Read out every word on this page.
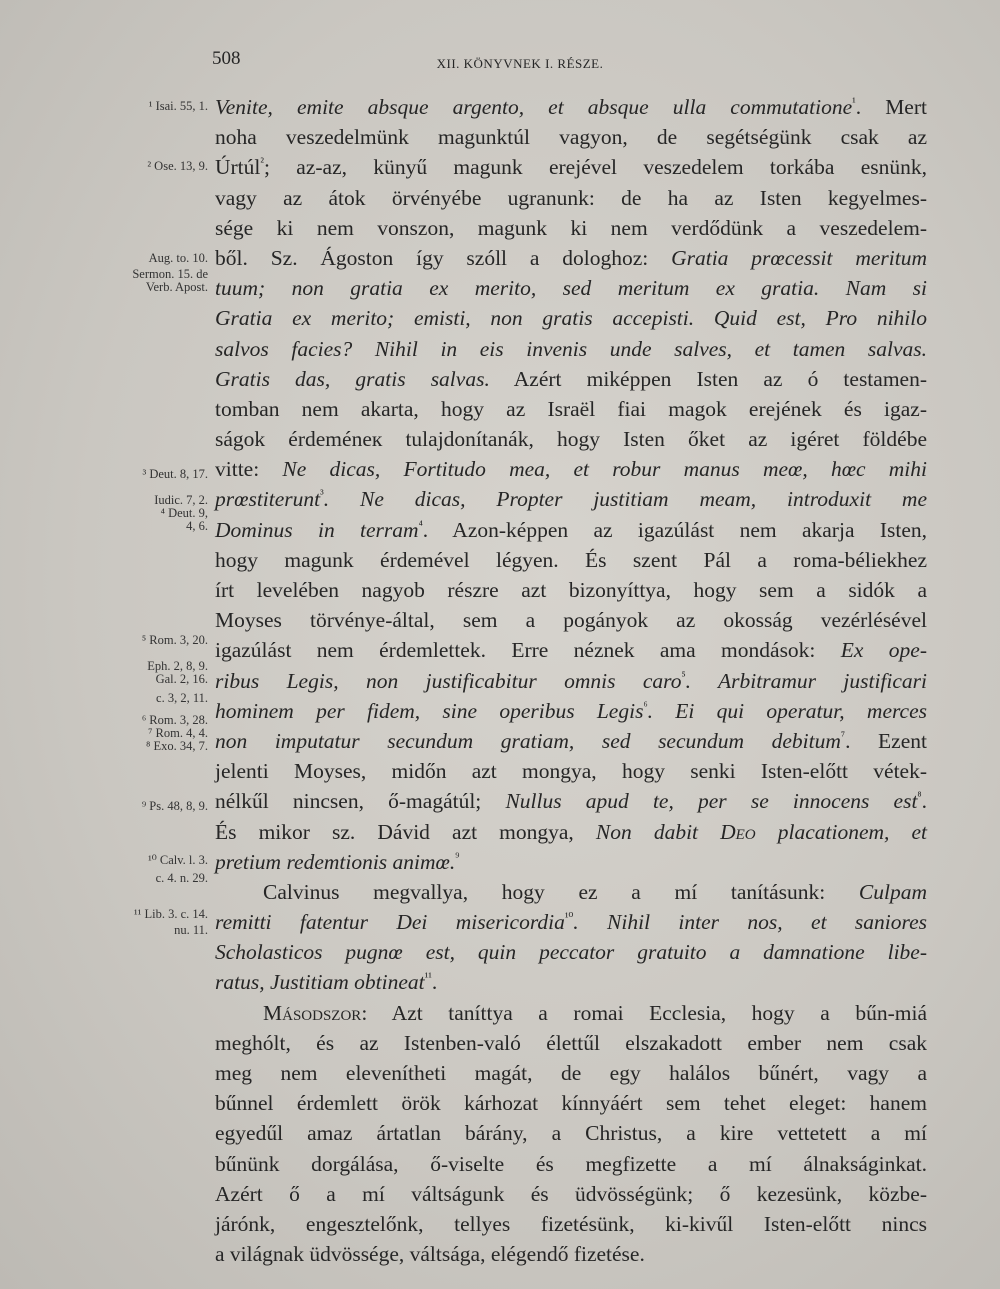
508	XII. KÖNYVNEK I. RÉSZE.
¹ Isai. 55, 1.
² Ose. 13, 9.
Aug. to. 10.
Sermon. 15. de
Verb. Apost.
³ Deut. 8, 17.
Iudic. 7, 2.
⁴ Deut. 9,
4, 6.
⁵ Rom. 3, 20.
Eph. 2, 8, 9.
Gal. 2, 16.
c. 3, 2, 11.
⁶ Rom. 3, 28.
⁷ Rom. 4, 4.
⁸ Exo. 34, 7.
⁹ Ps. 48, 8, 9.
¹⁰ Calv. l. 3.
c. 4. n. 29.
¹¹ Lib. 3. c. 14.
nu. 11.
Venite, emite absque argento, et absque ulla commutatione$^{^1}$. Mert
noha veszedelmünk magunktúl vagyon, de segétségünk csak az
Úrtúl$^{^2}$; az-az, künyű magunk erejével veszedelem torkába esnünk,
vagy az átok örvényébe ugranunk: de ha az Isten kegyelmes-
sége ki nem vonszon, magunk ki nem verdődünk a veszedelem-
ből. Sz. Ágoston így szóll a dologhoz: Gratia prœcessit meritum
tuum; non gratia ex merito, sed meritum ex gratia. Nam si
Gratia ex merito; emisti, non gratis accepisti. Quid est, Pro nihilo
salvos facies? Nihil in eis invenis unde salves, et tamen salvas.
Gratis das, gratis salvas. Azért miképpen Isten az ó testamen-
tomban nem akarta, hogy az Israël fiai magok erejének és igaz-
ságok érdeméneк tulajdonítanák, hogy Isten őket az igéret földébe
vitte: Ne dicas, Fortitudo mea, et robur manus meœ, hœc mihi
prœstiterunt$^{^3}$. Ne dicas, Propter justitiam meam, introduxit me
Dominus in terram$^{^4}$. Azon-képpen az igazúlást nem akarja Isten,
hogy magunk érdemével légyen. És szent Pál a roma-béliekhez
írt levelében nagyob részre azt bizonyíttya, hogy sem a sidók a
Moyses törvénye-által, sem a pogányok az okosság vezérlésével
igazúlást nem érdemlettek. Erre néznek ama mondások: Ex ope-
ribus Legis, non justificabitur omnis caro$^{^5}$. Arbitramur justificari
hominem per fidem, sine operibus Legis$^{^6}$. Ei qui operatur, merces
non imputatur secundum gratiam, sed secundum debitum$^{^7}$. Ezent
jelenti Moyses, midőn azt mongya, hogy senki Isten-előtt vétek-
nélkűl nincsen, ő-magátúl; Nullus apud te, per se innocens est$^{^8}$.
És mikor sz. Dávid azt mongya, Non dabit Deo placationem, et
pretium redemtionis animœ.$^{^9}$
Calvinus megvallya, hogy ez a mí tanításunk: Culpam
remitti fatentur Dei misericordia$^{^{10}}$. Nihil inter nos, et saniores
Scholasticos pugnœ est, quin peccator gratuito a damnatione libe-
ratus, Justitiam obtineat$^{^{11}}$.
Másodszor: Azt taníttya a romai Ecclesia, hogy a bűn-miá
meghólt, és az Istenben-való élettűl elszakadott ember nem csak
meg nem elevenítheti magát, de egy halálos bűnért, vagy a
bűnnel érdemlett örök kárhozat kínnyáért sem tehet eleget: hanem
egyedűl amaz ártatlan bárány, a Christus, a kire vettetett a mí
bűnünk dorgálása, ő-viselte és megfizette a mí álnakságinkat.
Azért ő a mí váltságunk és üdvösségünk; ő kezesünk, közbe-
járónk, engesztelőnk, tellyes fizetésünk, ki-kivűl Isten-előtt nincs
a világnak üdvössége, váltsága, elégendő fizetése.
